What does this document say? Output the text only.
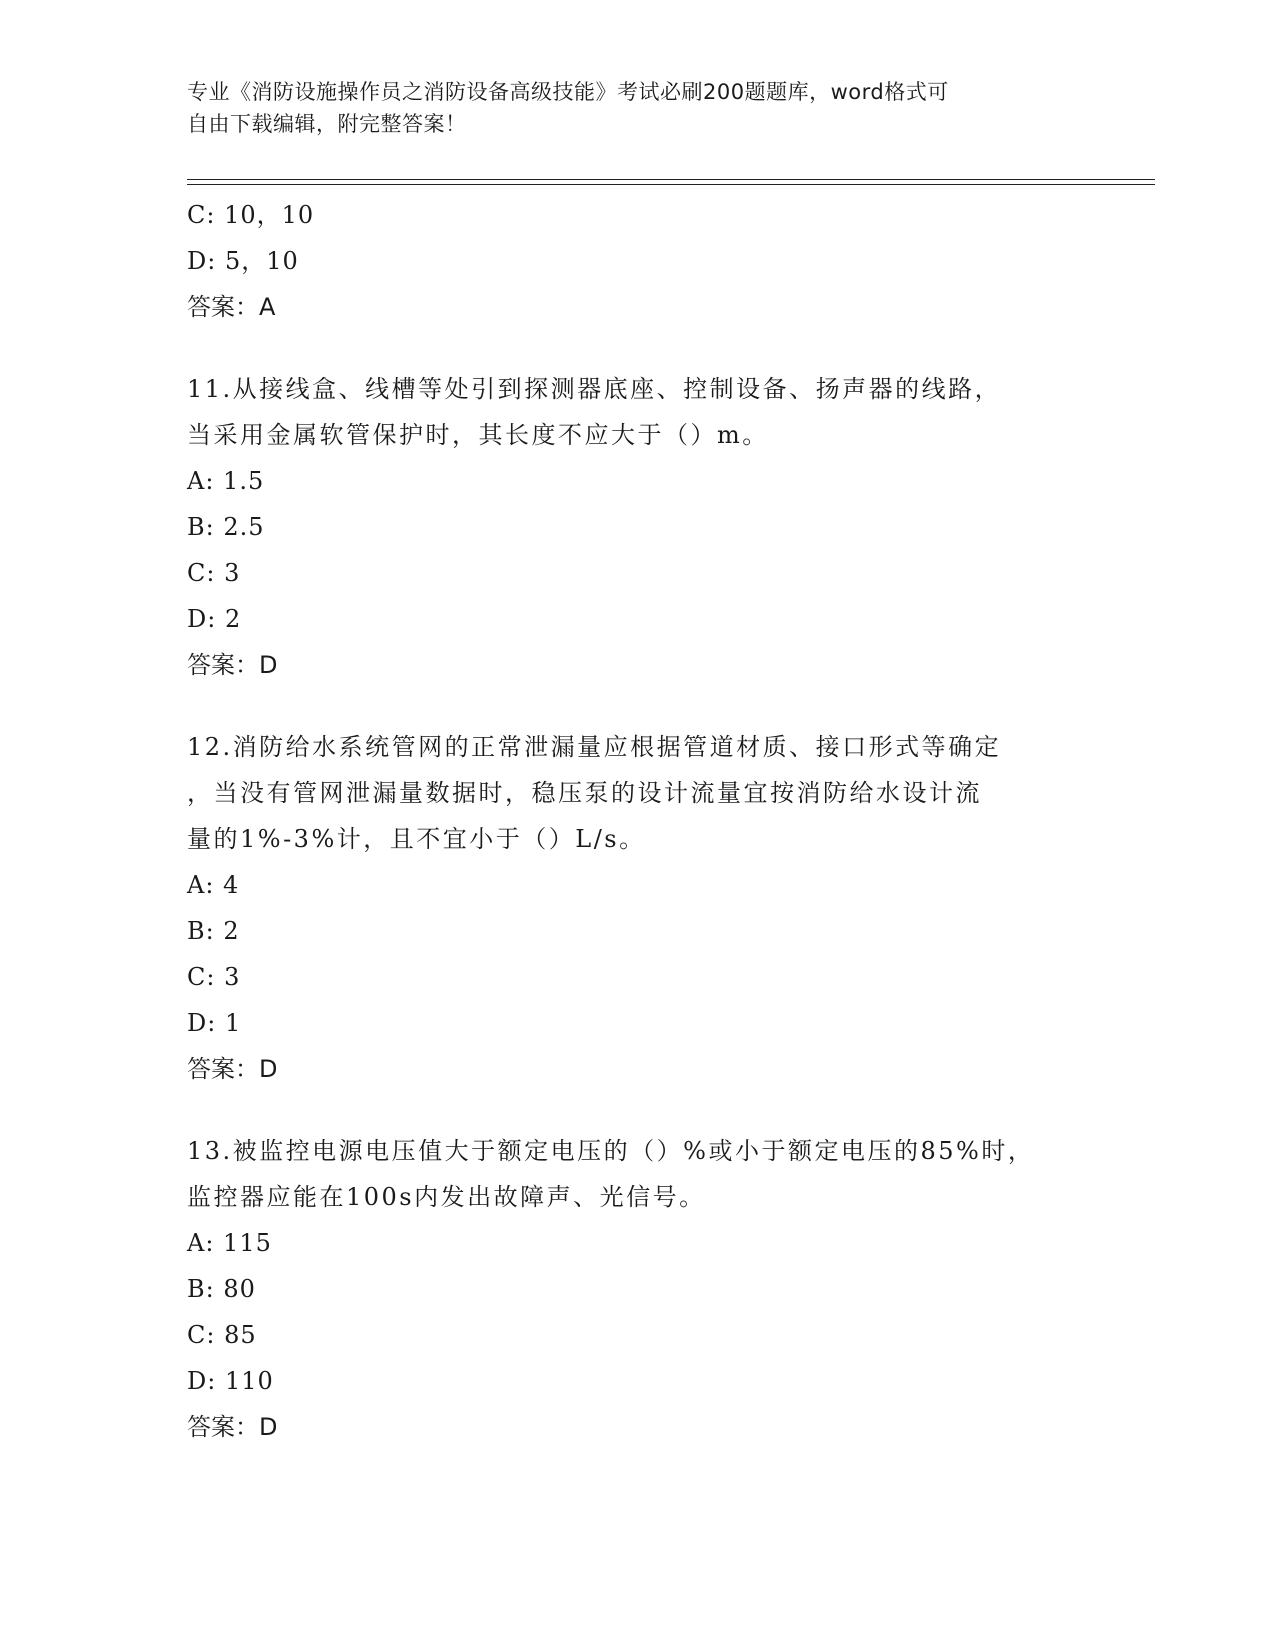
专业《消防设施操作员之消防设备高级技能》考试必刷200题题库，word格式可
自由下载编辑，附完整答案！
C: 10，10
D: 5，10
答案：A
11.从接线盒、线槽等处引到探测器底座、控制设备、扬声器的线路，
当采用金属软管保护时，其长度不应大于（）m。
A: 1.5
B: 2.5
C: 3
D: 2
答案：D
12.消防给水系统管网的正常泄漏量应根据管道材质、接口形式等确定
，当没有管网泄漏量数据时，稳压泵的设计流量宜按消防给水设计流
量的1%-3%计，且不宜小于（）L/s。
A: 4
B: 2
C: 3
D: 1
答案：D
13.被监控电源电压值大于额定电压的（）%或小于额定电压的85%时，
监控器应能在100s内发出故障声、光信号。
A: 115
B: 80
C: 85
D: 110
答案：D
